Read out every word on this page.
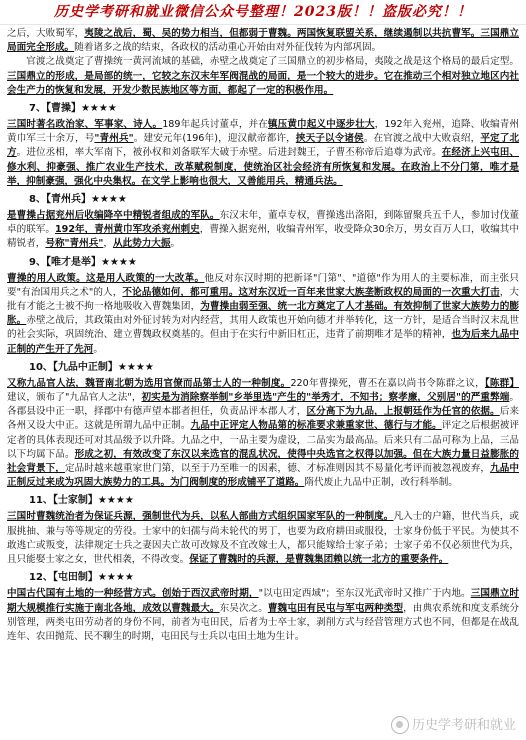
历史学考研和就业微信公众号整理！2023版！！盗版必究！！

之后，大败蜀军，夷陵之战后，蜀、吴的势力相当，但都弱于曹魏。两国恢复联盟关系，继续遏制以共抗曹军。三国鼎立局面完全形成。随着诸多之战的结束，各政权的活动重心开始由对外征伐转为内部巩固。

官渡之战奠定了曹操统一黄河流域的基础，赤壁之战奠定了三国鼎立的初步格局，夷陵之战是这个格局的最后定型。三国鼎立的形成，是局部的统一，它较之东汉末年军阀混战的局面，是一个较大的进步。它在推动三个相对独立地区内社会生产力的恢复和发展，开发少数民族地区等方面，都起了一定的积极作用。

7、【曹操】★★★★

三国时著名政治家、军事家、诗人。189年起兵讨董卓，并在镇压黄巾起义中逐步壮大，192年入兖州，追降、收编青州黄巾军三十余万，号"青州兵"。建安元年(196年)，迎汉献帝都许，挟天子以令诸侯。在官渡之战中大败袁绍，平定了北方。进位丞相，率大军南下，被孙权和刘备联军大破于赤壁。后进封魏王，子曹丕称帝后追尊为武帝。在经济上兴屯田、修水利、抑豪强、推广农业生产技术，改革赋税制度，使统治区社会经济有所恢复和发展。在政治上不分门第，唯才是举，抑制豪强，强化中央集权。在文学上影响也很大，又善能用兵，精通兵法。

8、【青州兵】★★★★

是曹操占据兖州后收编降卒中精锐者组成的军队。东汉末年，董卓专权，曹操逃出洛阳，到陈留聚兵五千人，参加讨伐董卓的联军。192年，青州黄巾军攻杀兖州刺史，曹操入据兖州，收编青州军，收受降众30余万，男女百万人口，收编其中精锐者，号称"青州兵"，从此势力大振。

9、【唯才是举】★★★★

曹操的用人政策。这是用人政策的一大改革。他反对东汉时期的把新译"门第"、"道德"作为用人的主要标准，而主张只要"有治国用兵之术"的人，不论品德如何，都可重用。这对东汉近一百年来世家大族垄断政权的局面的一次重大打击，大批有才能之士被不拘一格地吸收入曹魏集团，为曹操由弱至强、统一北方奠定了人才基础。有效抑制了世家大族势力的膨胀。赤壁之战后，其政策由对外征讨转为对内经营，其用人政策也开始向德才并举转化，这一方针，是适合当时汉末乱世的社会实际，巩固统治、建立曹魏政权奠基的。但由于在实行中新旧杠正，违背了前期唯才是举的精神，也为后来九品中正制的产生开了先河。

10、【九品中正制】★★★★

又称九品官人法，魏晋南北朝为选用官僚而品第士人的一种制度。220年曹操死，曹丕在嘉以尚书令陈群之议，【陈群】建议，颁布了"九品官人之法"，初实是为消除察举制"乡举里选"产生的"举秀才，不知书；察孝廉，父别居"的严重弊端。各郡县设中正一职，择郡中有德声望本郡者担任，负责品评本郡人才，区分高下为九品，上报朝廷作为任官的依据。后来各州又设大中正。这就是所谓九品中正制。九品中正评定人物品第的标准要求兼重家世、德行与才能。评定之后根据被评定者的具体表现还可对其品级予以升降。九品之中，一品主要为虚设，二品实为最高品。后来只有二品可称为上品，三品以下均属下品。形成之初，有效改变了东汉以来选官的混乱状况，使得中央选官之权得以加强。但在大族力量日益膨胀的社会背景下，定品时越来越重家世门第，以至于乃至唯一的因素，德、才标准则因其不易量化考评而被忽视废弃，九品中正制反过来成为巩固大族势力的工具。为门阀制度的形成铺平了道路。隋代废止九品中正制，改行科举制。

11、【士家制】★★★★

三国时曹魏统治者为保证兵源，强制世代为兵，以私人部曲方式组织国家军队的一种制度。凡入士的户籍，世代当兵，或服挑抽、兼与等等规定的劳役。士家中的妇孺与尚未轮代的男丁，也要为政府耕田或服役，士家身份低于平民。为使其不敢逃亡或叛变，法律规定士兵之妻因夫亡故可改嫁及不宜改嫁士人，都只能嫁给士家子弟；士家子弟不仅必须世代为兵，且只能娶士家之女，世代相袭，不得改变。保证了曹魏时的兵源，是曹魏集团赖以统一北方的重要条件。

12、【屯田制】★★★★

中国古代国有土地的一种经营方式。创始于西汉武帝时期，"以屯田定西域"；至东汉光武帝时又推广于内地。三国鼎立时期大规模推行实施于南北各地，成效以曹魏最大。东吴次之。曹魏屯田有民屯与军屯两种类型，由典农系统和度支系统分别管理，两类屯田劳动者的身份不同，前者为屯田民，后者为士卒士家，剥削方式与经营管理方式也不同，但都是在战乱连年、农田抛荒、民不聊生的时期，屯田民与士兵以屯田土地为生计。

历史学考研和就业
